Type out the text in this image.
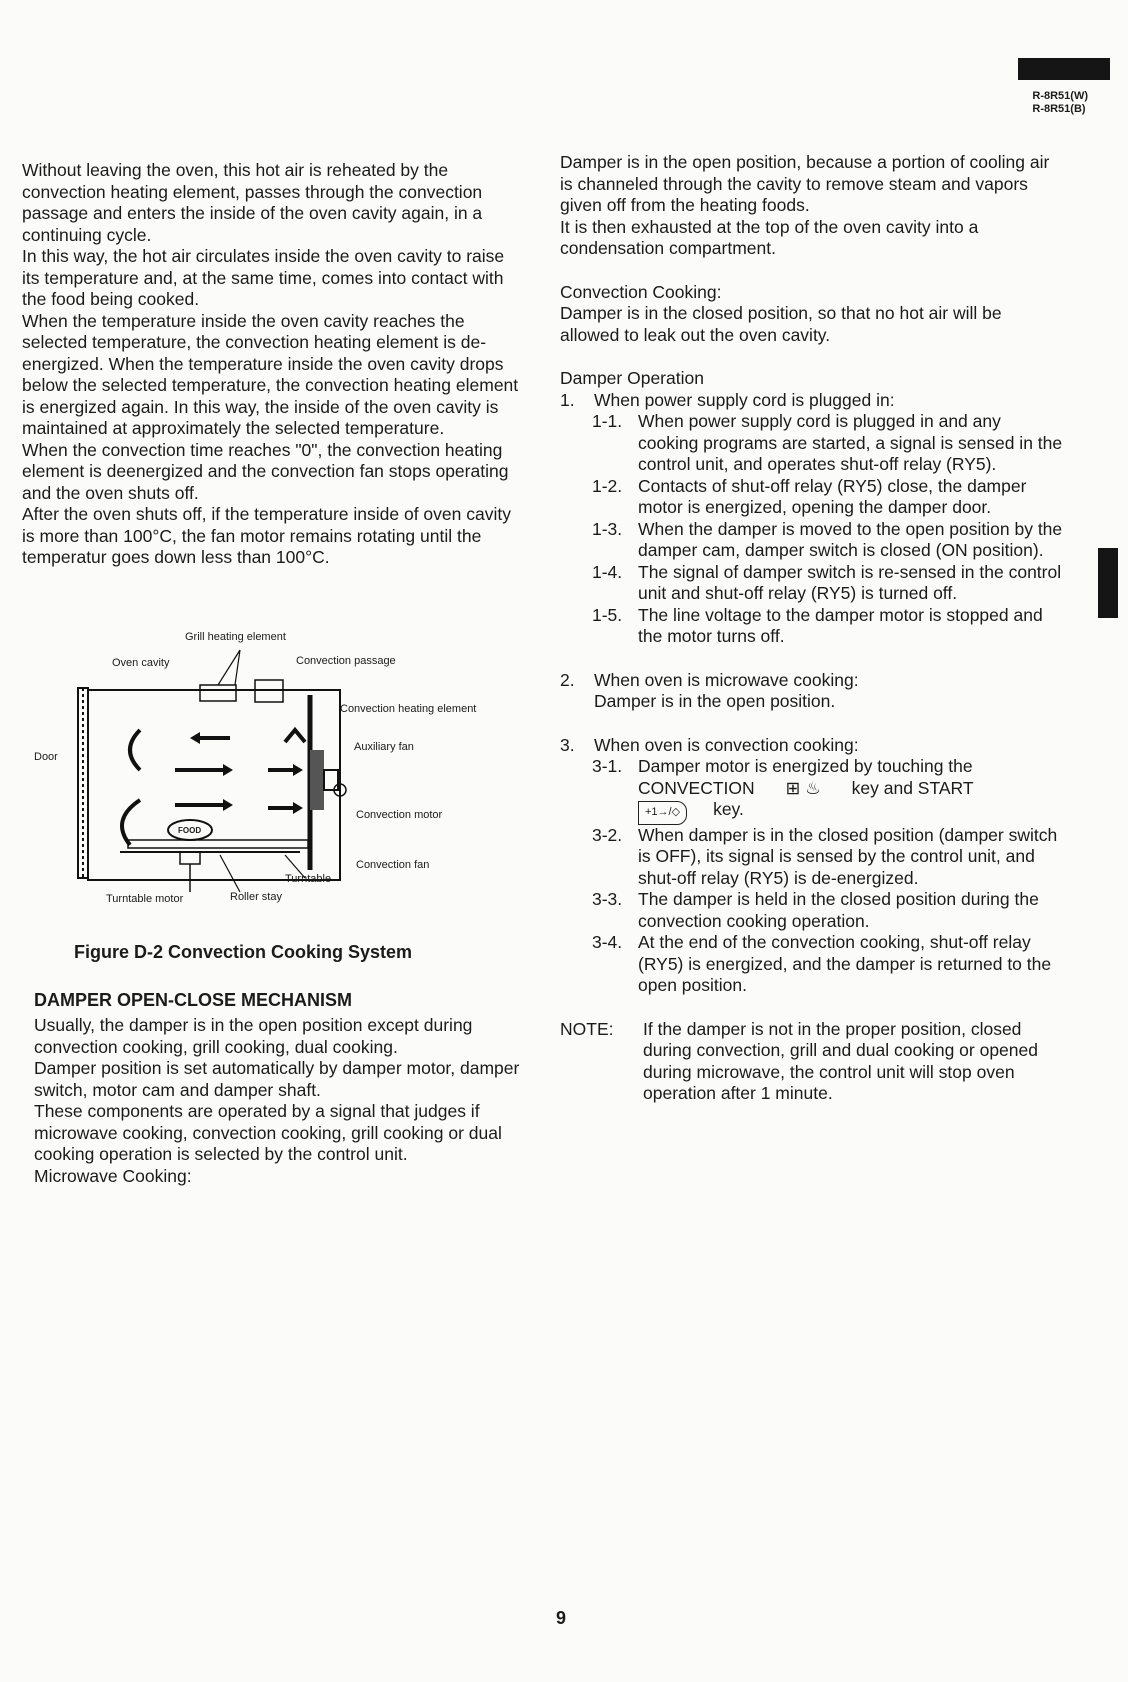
R-8R51(W)
R-8R51(B)

Without leaving the oven, this hot air is reheated by the convection heating element, passes through the convection passage and enters the inside of the oven cavity again, in a continuing cycle.

In this way, the hot air circulates inside the oven cavity to raise its temperature and, at the same time, comes into contact with the food being cooked.

When the temperature inside the oven cavity reaches the selected temperature, the convection heating element is de-energized. When the temperature inside the oven cavity drops below the selected temperature, the convection heating element is energized again. In this way, the inside of the oven cavity is maintained at approximately the selected temperature.

When the convection time reaches "0", the convection heating element is deenergized and the convection fan stops operating and the oven shuts off.

After the oven shuts off, if the temperature inside of oven cavity is more than 100°C, the fan motor remains rotating until the temperatur goes down less than 100°C.

FOOD
Grill heating element
Oven cavity	Convection passage
Convection heating element
Auxiliary fan
Door
Convection motor
Convection fan
Turntable
Turntable motor	Roller stay
Figure D-2 Convection Cooking System
DAMPER OPEN-CLOSE MECHANISM

Usually, the damper is in the open position except during convection cooking, grill cooking, dual cooking.

Damper position is set automatically by damper motor, damper switch, motor cam and damper shaft.

These components are operated by a signal that judges if microwave cooking, convection cooking, grill cooking or dual cooking operation is selected by the control unit.

Microwave Cooking:

Damper is in the open position, because a portion of cooling air is channeled through the cavity to remove steam and vapors given off from the heating foods.

It is then exhausted at the top of the oven cavity into a condensation compartment.

Convection Cooking:

Damper is in the closed position, so that no hot air will be allowed to leak out the oven cavity.

Damper Operation

1.	When power supply cord is plugged in:
1-1. When power supply cord is plugged in and any cooking programs are started, a signal is sensed in the control unit, and operates shut-off relay (RY5).
1-2. Contacts of shut-off relay (RY5) close, the damper motor is energized, opening the damper door.
1-3. When the damper is moved to the open position by the damper cam, damper switch is closed (ON position).
1-4. The signal of damper switch is re-sensed in the control unit and shut-off relay (RY5) is turned off.
1-5. The line voltage to the damper motor is stopped and the motor turns off.
2.	When oven is microwave cooking:
Damper is in the open position.
3.	When oven is convection cooking:
3-1. Damper motor is energized by touching the
CONVECTION ⊞ ♨ key and START
+1→/◇ key.
3-2. When damper is in the closed position (damper switch is OFF), its signal is sensed by the control unit, and shut-off relay (RY5) is de-energized.
3-3. The damper is held in the closed position during the convection cooking operation.
3-4. At the end of the convection cooking, shut-off relay (RY5) is energized, and the damper is returned to the open position.
NOTE:	If the damper is not in the proper position, closed during convection, grill and dual cooking or opened during microwave, the control unit will stop oven operation after 1 minute.
9
